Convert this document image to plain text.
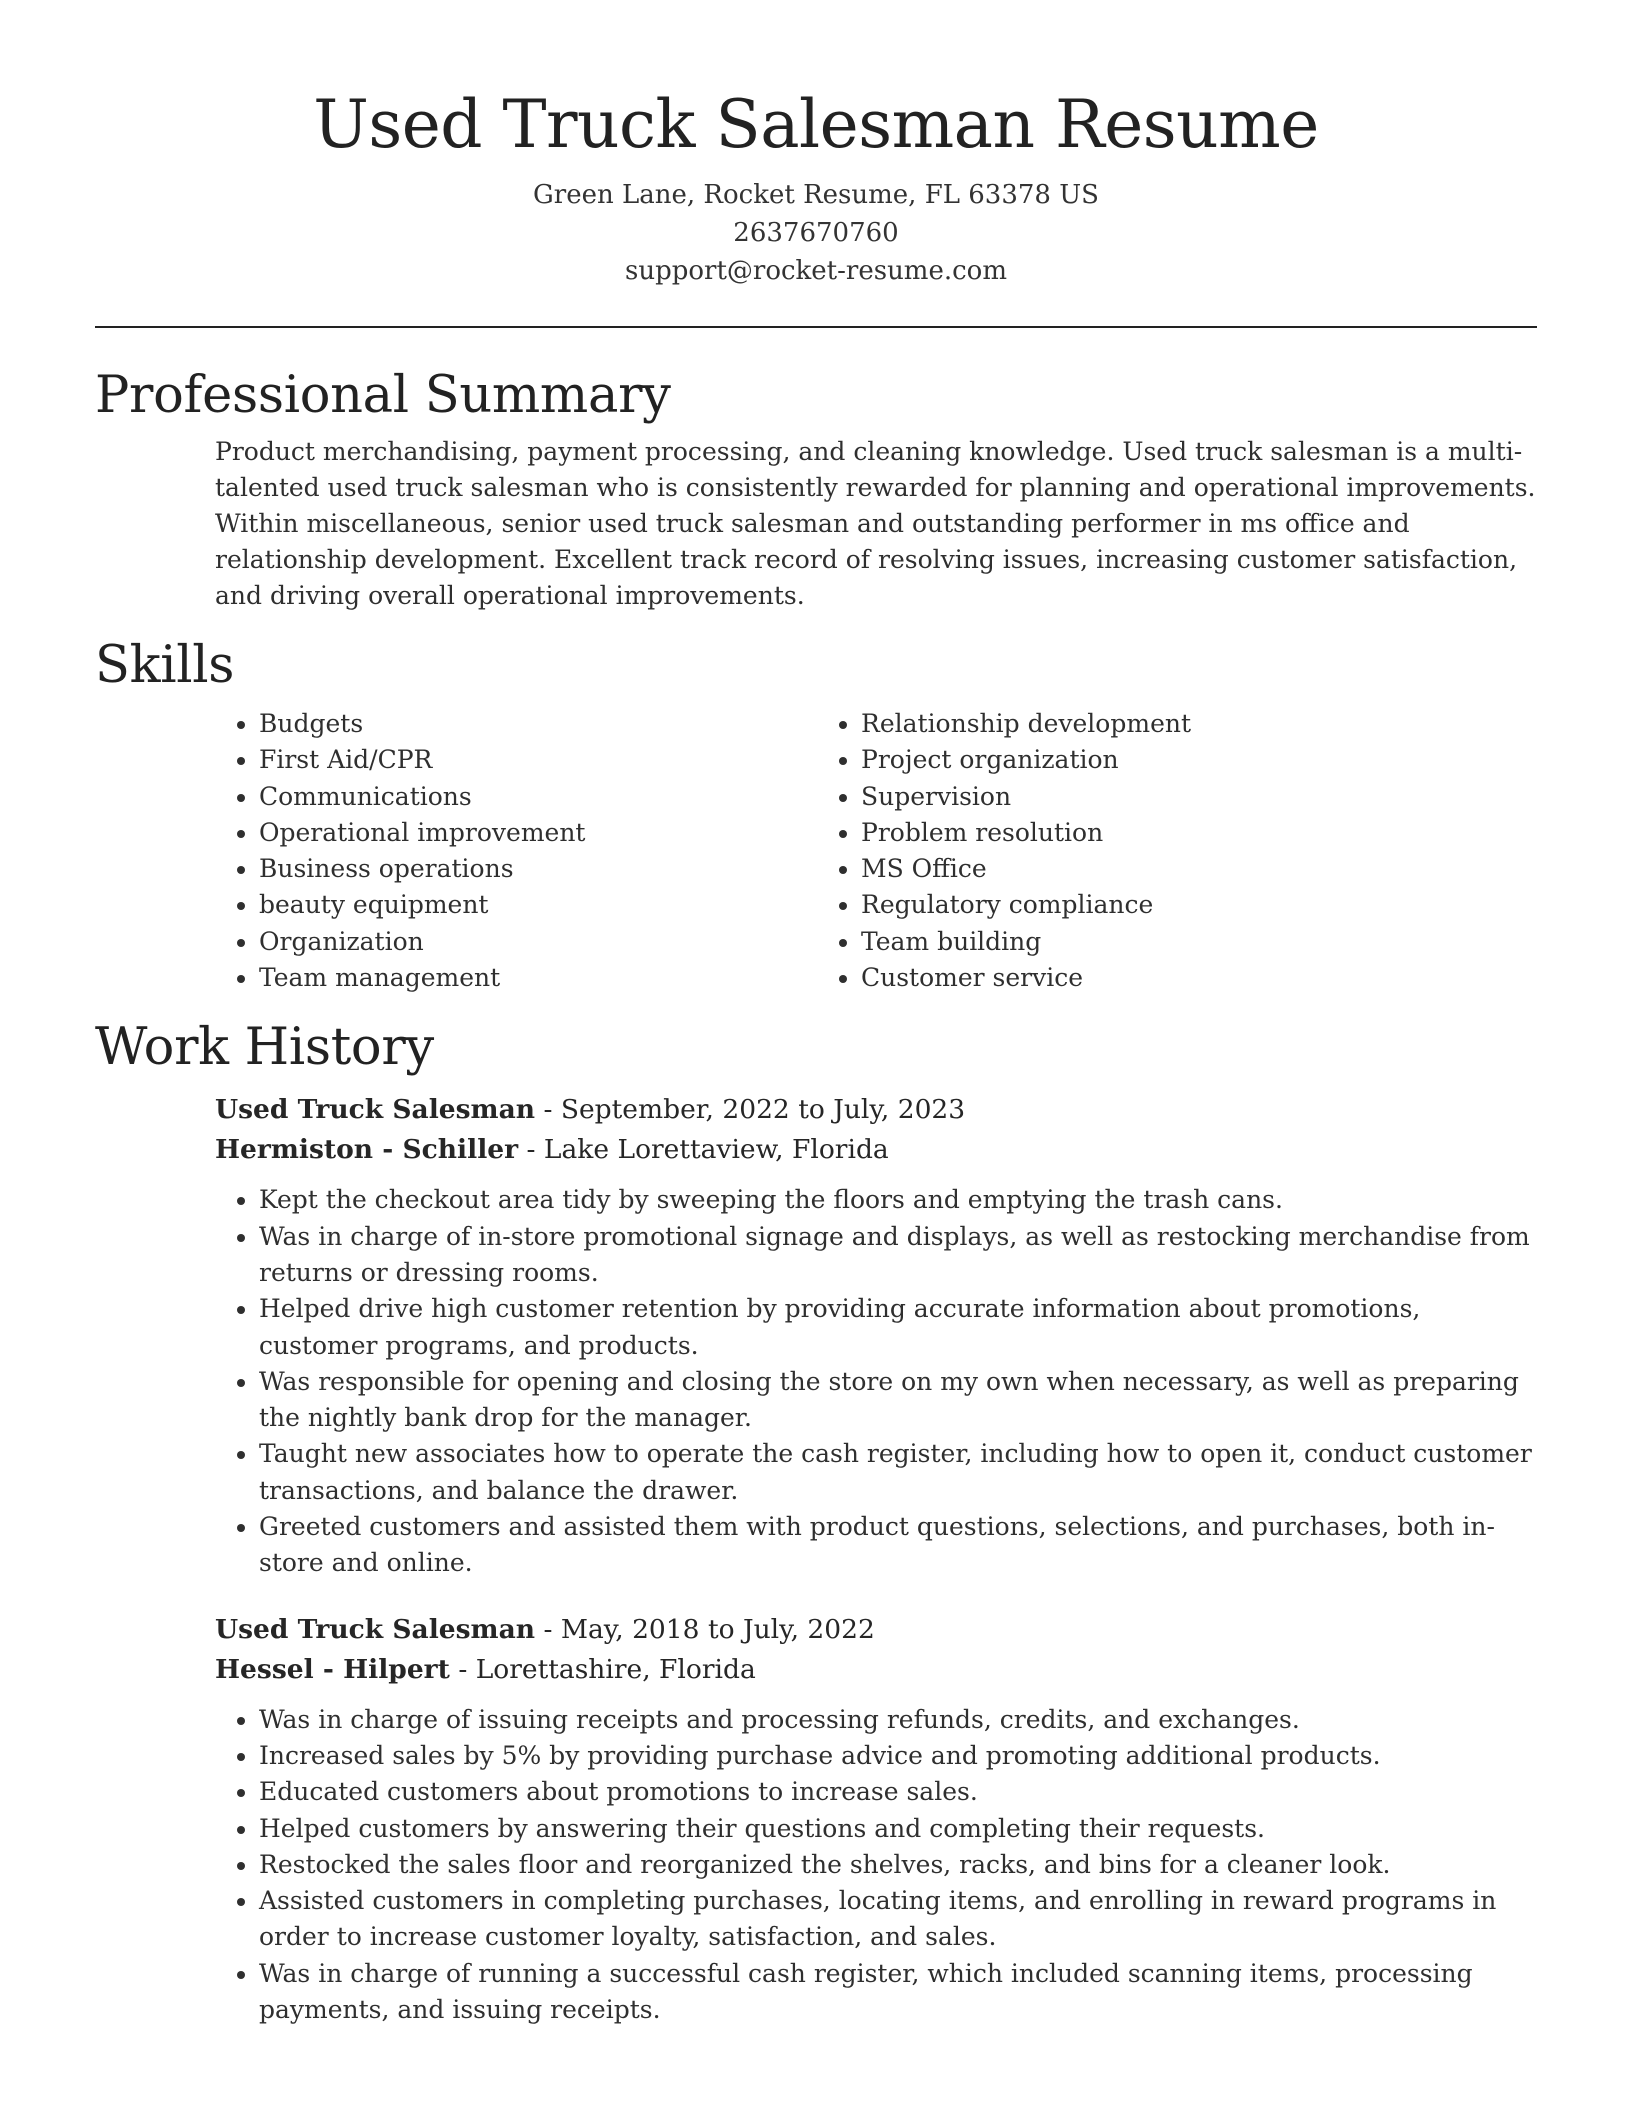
Used Truck Salesman Resume
Green Lane, Rocket Resume, FL 63378 US
2637670760
support@rocket-resume.com
Professional Summary

Product merchandising, payment processing, and cleaning knowledge. Used truck salesman is a multi-talented used truck salesman who is consistently rewarded for planning and operational improvements. Within miscellaneous, senior used truck salesman and outstanding performer in ms office and relationship development. Excellent track record of resolving issues, increasing customer satisfaction, and driving overall operational improvements.

Skills
• Budgets
• First Aid/CPR
• Communications
• Operational improvement
• Business operations
• beauty equipment
• Organization
• Team management
• Relationship development
• Project organization
• Supervision
• Problem resolution
• MS Office
• Regulatory compliance
• Team building
• Customer service
Work History
Used Truck Salesman - September, 2022 to July, 2023
Hermiston - Schiller - Lake Lorettaview, Florida
• Kept the checkout area tidy by sweeping the floors and emptying the trash cans.
• Was in charge of in-store promotional signage and displays, as well as restocking merchandise from returns or dressing rooms.
• Helped drive high customer retention by providing accurate information about promotions, customer programs, and products.
• Was responsible for opening and closing the store on my own when necessary, as well as preparing the nightly bank drop for the manager.
• Taught new associates how to operate the cash register, including how to open it, conduct customer transactions, and balance the drawer.
• Greeted customers and assisted them with product questions, selections, and purchases, both in-store and online.
Used Truck Salesman - May, 2018 to July, 2022
Hessel - Hilpert - Lorettashire, Florida
• Was in charge of issuing receipts and processing refunds, credits, and exchanges.
• Increased sales by 5% by providing purchase advice and promoting additional products.
• Educated customers about promotions to increase sales.
• Helped customers by answering their questions and completing their requests.
• Restocked the sales floor and reorganized the shelves, racks, and bins for a cleaner look.
• Assisted customers in completing purchases, locating items, and enrolling in reward programs in order to increase customer loyalty, satisfaction, and sales.
• Was in charge of running a successful cash register, which included scanning items, processing payments, and issuing receipts.
